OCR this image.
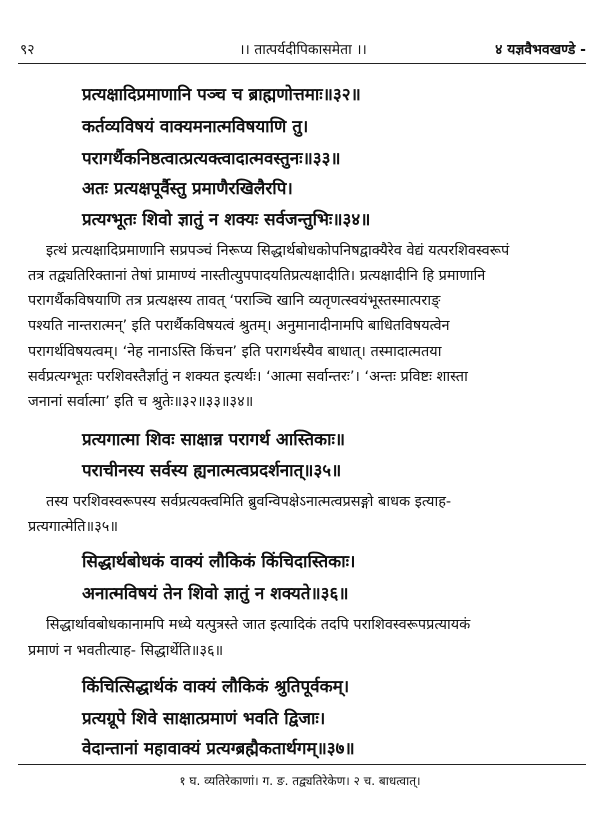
९२	।। तात्पर्यदीपिकासमेता ।।	४ यज्ञवैभवखण्डे -
प्रत्यक्षादिप्रमाणानि पञ्च च ब्राह्मणोत्तमाः॥३२॥
कर्तव्यविषयं वाक्यमनात्मविषयाणि तु।
परागर्थैकनिष्ठत्वात्प्रत्यक्त्वादात्मवस्तुनः॥३३॥
अतः प्रत्यक्षपूर्वैस्तु प्रमाणैरखिलैरपि।
प्रत्यग्भूतः शिवो ज्ञातुं न शक्यः सर्वजन्तुभिः॥३४॥
इत्थं प्रत्यक्षादिप्रमाणानि सप्रपञ्चं निरूप्य सिद्धार्थबोधकोपनिषद्वाक्यैरेव वेद्यं यत्परशिवस्वरूपं
तत्र तद्व्यतिरिक्तानां तेषां प्रामाण्यं नास्तीत्युपपादयतिप्रत्यक्षादीति। प्रत्यक्षादीनि हि प्रमाणानि
परागर्थैकविषयाणि तत्र प्रत्यक्षस्य तावत् ‘पराञ्चि खानि व्यतृणत्स्वयंभूस्तस्मात्पराङ्
पश्यति नान्तरात्मन्’ इति परार्थैकविषयत्वं श्रुतम्। अनुमानादीनामपि बाधितविषयत्वेन
परागर्थविषयत्वम्। ‘नेह नानाऽस्ति किंचन’ इति परागर्थस्यैव बाधात्। तस्मादात्मतया
सर्वप्रत्यग्भूतः परशिवस्तैर्ज्ञातुं न शक्यत इत्यर्थः। ‘आत्मा सर्वान्तरः’। ‘अन्तः प्रविष्टः शास्ता
जनानां सर्वात्मा’ इति च श्रुतेः॥३२॥३३॥३४॥
प्रत्यगात्मा शिवः साक्षान्न परागर्थ आस्तिकाः॥
पराचीनस्य सर्वस्य ह्यनात्मत्वप्रदर्शनात्॥३५॥
तस्य परशिवस्वरूपस्य सर्वप्रत्यक्त्वमिति ब्रुवन्विपक्षेऽनात्मत्वप्रसङ्गो बाधक इत्याह-
प्रत्यगात्मेति॥३५॥
सिद्धार्थबोधकं वाक्यं लौकिकं किंचिदास्तिकाः।
अनात्मविषयं तेन शिवो ज्ञातुं न शक्यते॥३६॥
सिद्धार्थावबोधकानामपि मध्ये यत्पुत्रस्ते जात इत्यादिकं तदपि पराशिवस्वरूपप्रत्यायकं
प्रमाणं न भवतीत्याह- सिद्धार्थेति॥३६॥
किंचित्सिद्धार्थकं वाक्यं लौकिकं श्रुतिपूर्वकम्।
प्रत्यग्रूपे शिवे साक्षात्प्रमाणं भवति द्विजाः।
वेदान्तानां महावाक्यं प्रत्यग्ब्रह्मैकतार्थगम्॥३७॥
१ घ. व्यतिरेकाणां। ग. ङ. तद्व्यतिरेकेण। २ च. बाधत्वात्।
